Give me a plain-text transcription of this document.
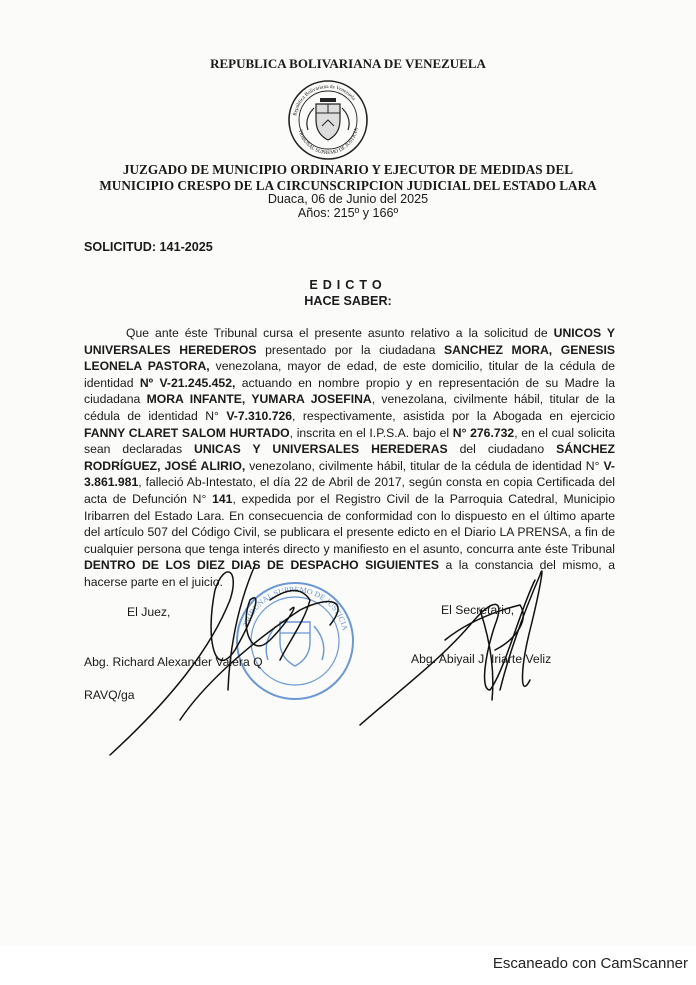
REPUBLICA BOLIVARIANA DE VENEZUELA
República Bolivariana de Venezuela
TRIBUNAL SUPREMO DE JUSTICIA
JUZGADO DE MUNICIPIO ORDINARIO Y EJECUTOR DE MEDIDAS DEL
MUNICIPIO CRESPO DE LA CIRCUNSCRIPCION JUDICIAL DEL ESTADO LARA
Duaca, 06 de Junio del 2025
Años: 215º y 166º
SOLICITUD: 141-2025
EDICTO
HACE SABER:
Que ante éste Tribunal cursa el presente asunto relativo a la solicitud de UNICOS Y UNIVERSALES HEREDEROS presentado por la ciudadana SANCHEZ MORA, GENESIS LEONELA PASTORA, venezolana, mayor de edad, de este domicilio, titular de la cédula de identidad Nº V-21.245.452, actuando en nombre propio y en representación de su Madre la ciudadana MORA INFANTE, YUMARA JOSEFINA, venezolana, civilmente hábil, titular de la cédula de identidad N° V-7.310.726, respectivamente, asistida por la Abogada en ejercicio FANNY CLARET SALOM HURTADO, inscrita en el I.P.S.A. bajo el N° 276.732, en el cual solicita sean declaradas UNICAS Y UNIVERSALES HEREDERAS del ciudadano SÁNCHEZ RODRÍGUEZ, JOSÉ ALIRIO, venezolano, civilmente hábil, titular de la cédula de identidad N° V-3.861.981, falleció Ab-Intestato, el día 22 de Abril de 2017, según consta en copia Certificada del acta de Defunción N° 141, expedida por el Registro Civil de la Parroquia Catedral, Municipio Iribarren del Estado Lara. En consecuencia de conformidad con lo dispuesto en el último aparte del artículo 507 del Código Civil, se publicara el presente edicto en el Diario LA PRENSA, a fin de cualquier persona que tenga interés directo y manifiesto en el asunto, concurra ante éste Tribunal DENTRO DE LOS DIEZ DIAS DE DESPACHO SIGUIENTES a la constancia del mismo, a hacerse parte en el juicio.
TRIBUNAL SUPREMO DE JUSTICIA
El Juez,	El Secretario,
Abg. Richard Alexander Valera Q	Abg. Abiyail J. Iriarte Veliz
RAVQ/ga
Escaneado con CamScanner
